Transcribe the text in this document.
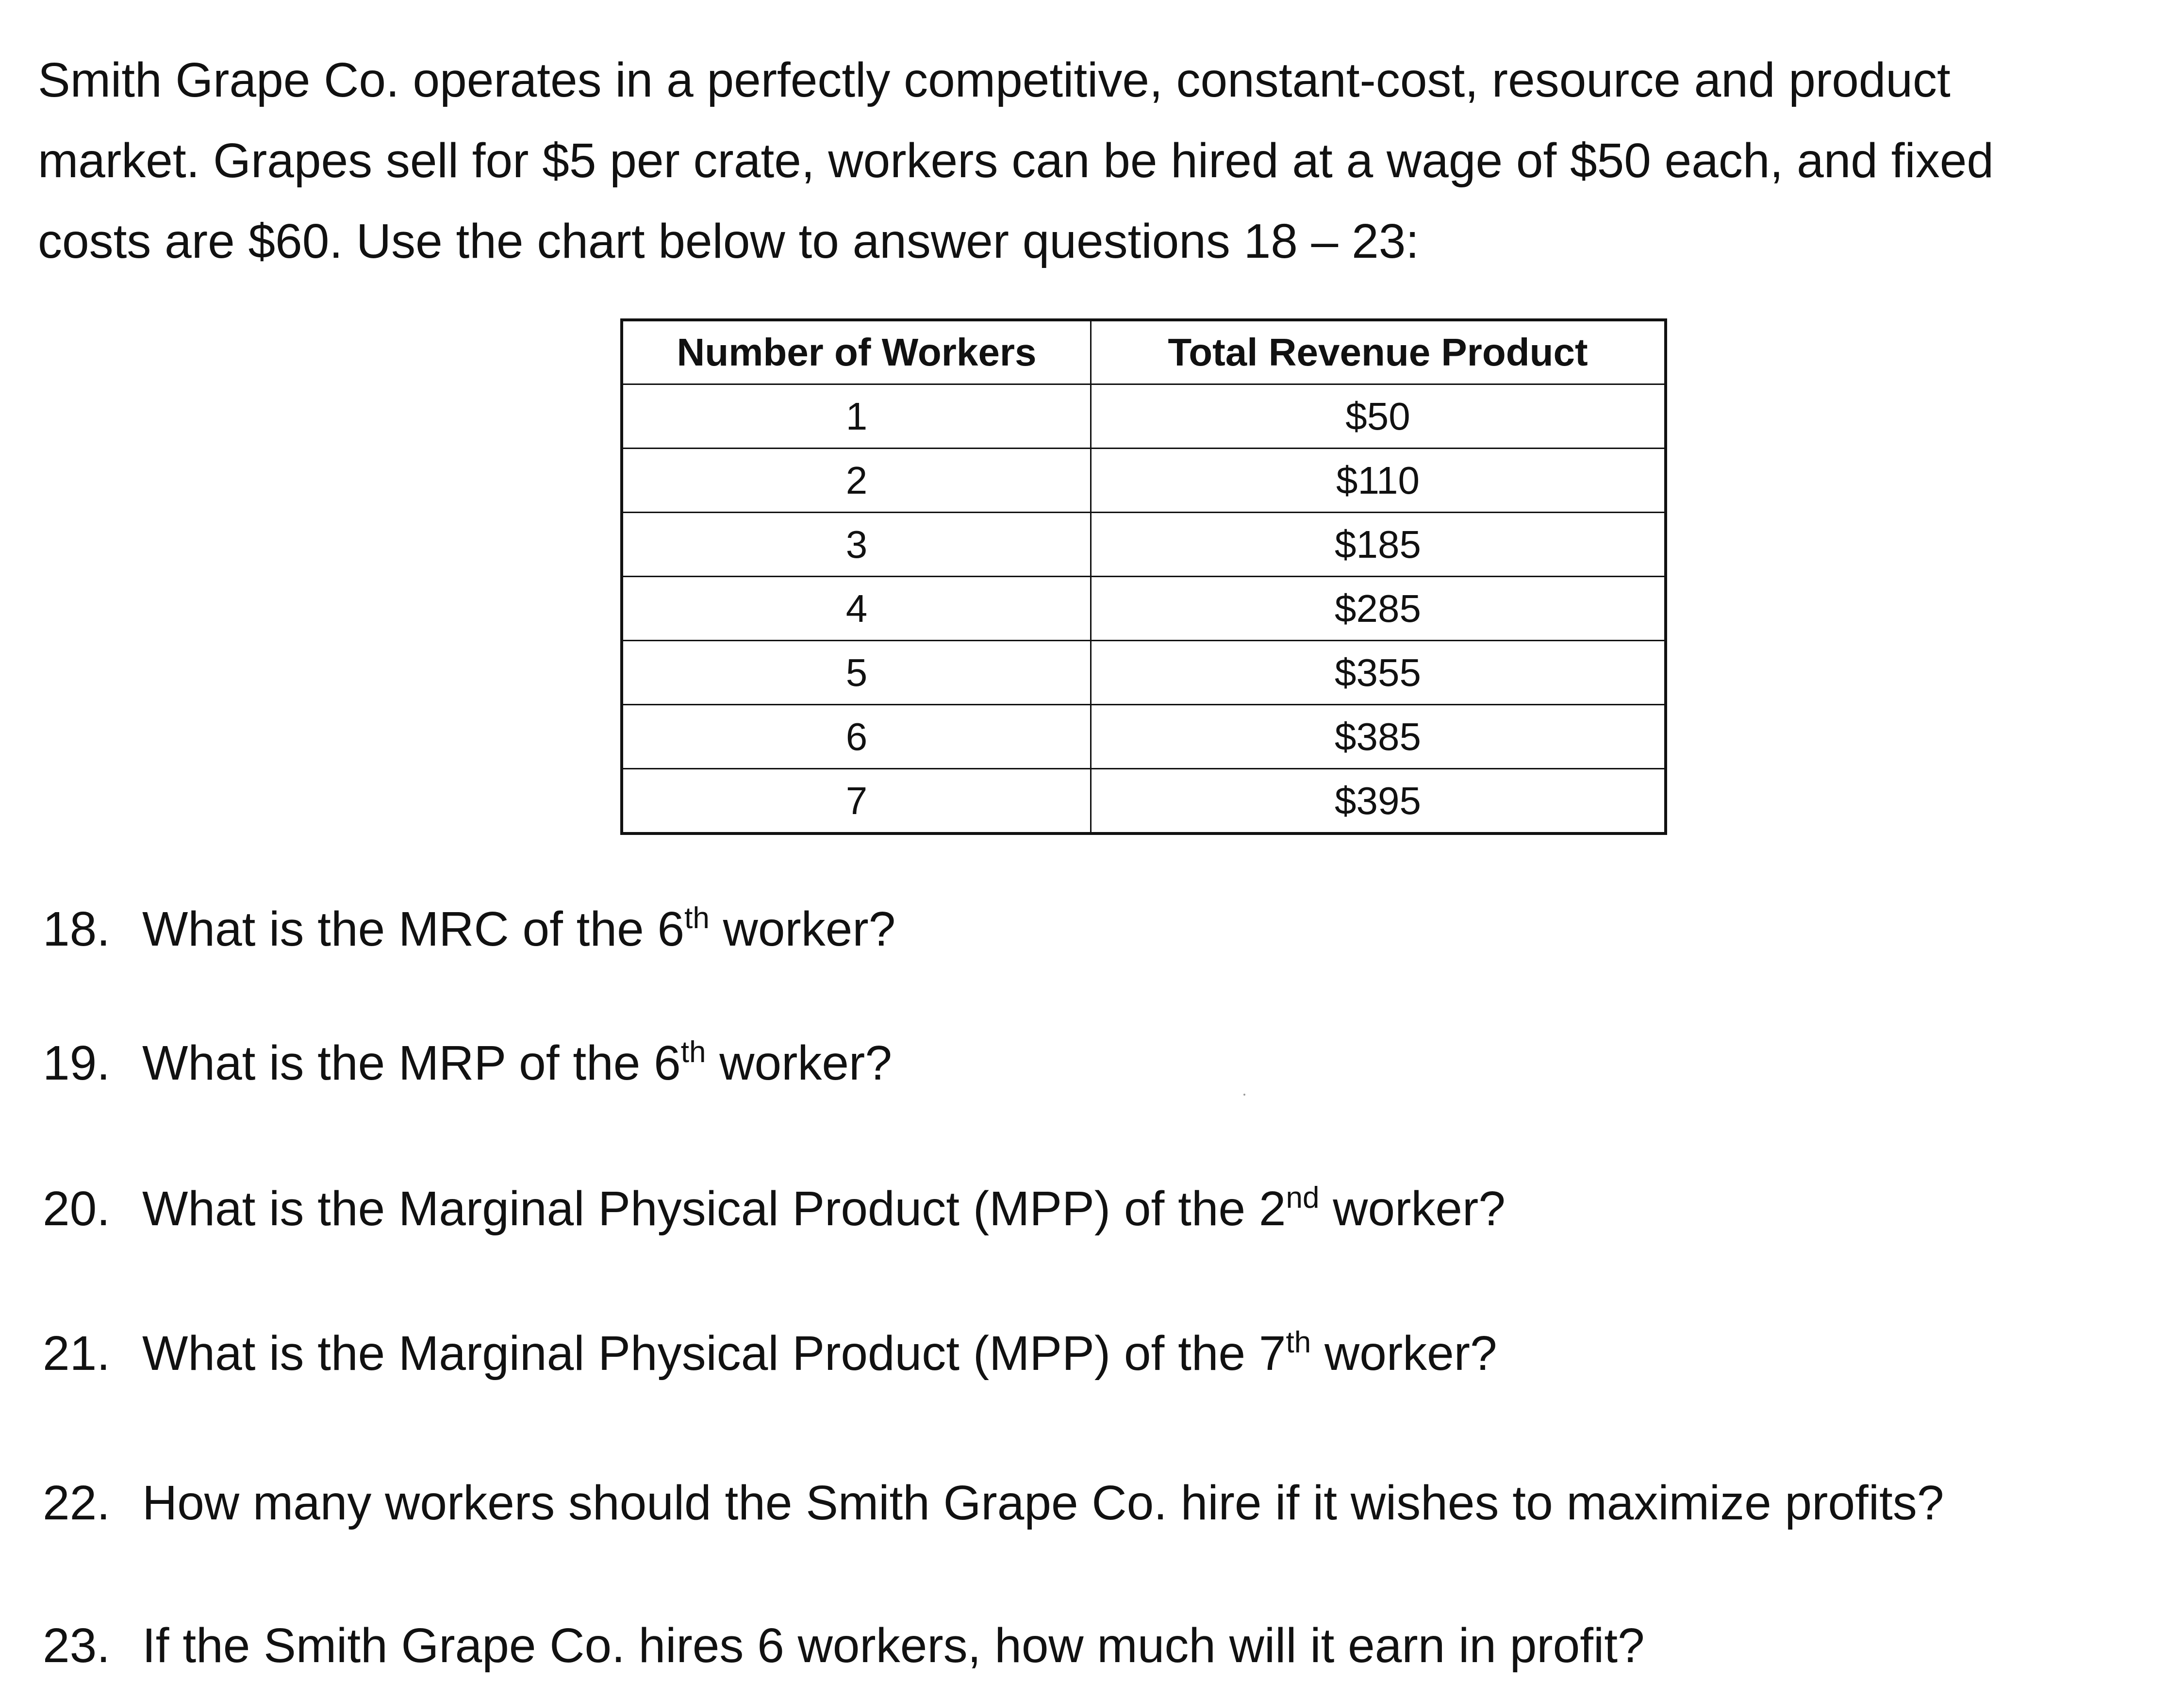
Smith Grape Co. operates in a perfectly competitive, constant-cost, resource and product
market. Grapes sell for $5 per crate, workers can be hired at a wage of $50 each, and fixed
costs are $60. Use the chart below to answer questions 18 – 23:
Number of Workers	Total Revenue Product
1	$50
2	$110
3	$185
4	$285
5	$355
6	$385
7	$395
18. What is the MRC of the 6th worker?
19. What is the MRP of the 6th worker?
20. What is the Marginal Physical Product (MPP) of the 2nd worker?
21. What is the Marginal Physical Product (MPP) of the 7th worker?
22. How many workers should the Smith Grape Co. hire if it wishes to maximize profits?
23. If the Smith Grape Co. hires 6 workers, how much will it earn in profit?
